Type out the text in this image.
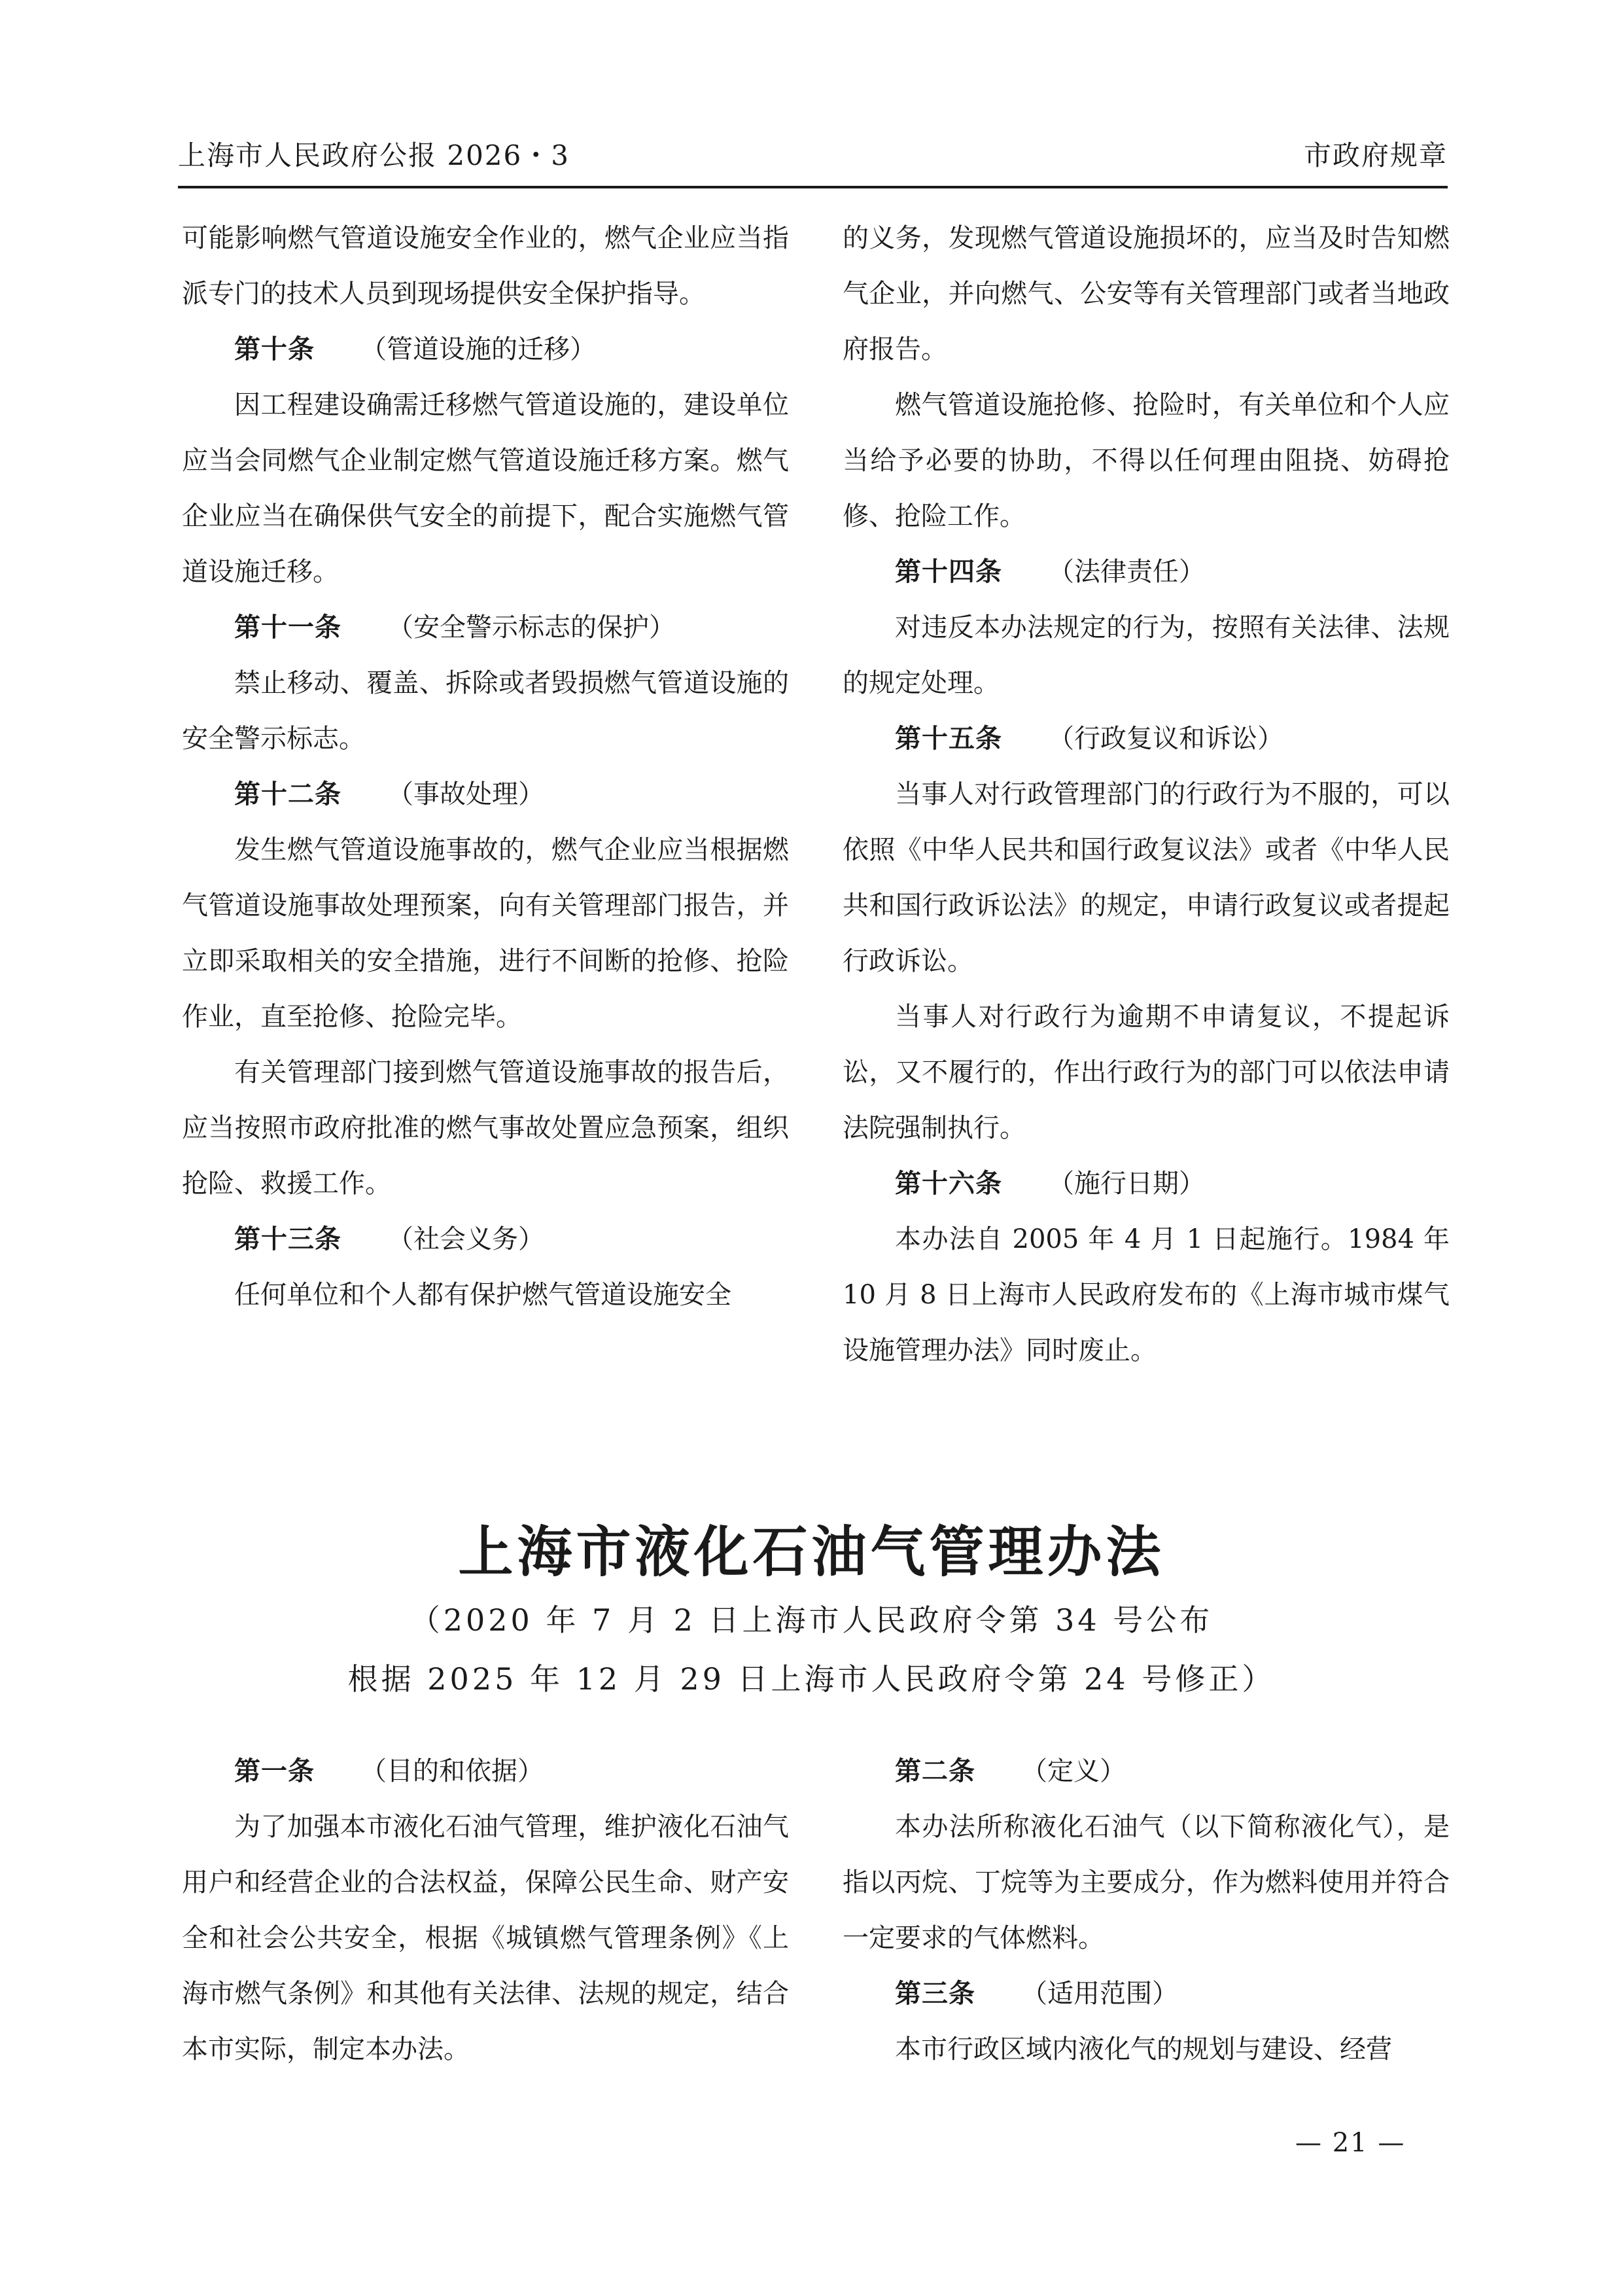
上海市人民政府公报 2026・3	市政府规章

可能影响燃气管道设施安全作业的，燃气企业应当指派专门的技术人员到现场提供安全保护指导。

第十条 （管道设施的迁移）

因工程建设确需迁移燃气管道设施的，建设单位应当会同燃气企业制定燃气管道设施迁移方案。燃气企业应当在确保供气安全的前提下，配合实施燃气管道设施迁移。

第十一条 （安全警示标志的保护）

禁止移动、覆盖、拆除或者毁损燃气管道设施的安全警示标志。

第十二条 （事故处理）

发生燃气管道设施事故的，燃气企业应当根据燃气管道设施事故处理预案，向有关管理部门报告，并立即采取相关的安全措施，进行不间断的抢修、抢险作业，直至抢修、抢险完毕。

有关管理部门接到燃气管道设施事故的报告后，应当按照市政府批准的燃气事故处置应急预案，组织抢险、救援工作。

第十三条 （社会义务）

任何单位和个人都有保护燃气管道设施安全

的义务，发现燃气管道设施损坏的，应当及时告知燃气企业，并向燃气、公安等有关管理部门或者当地政府报告。

燃气管道设施抢修、抢险时，有关单位和个人应当给予必要的协助，不得以任何理由阻挠、妨碍抢修、抢险工作。

第十四条 （法律责任）

对违反本办法规定的行为，按照有关法律、法规的规定处理。

第十五条 （行政复议和诉讼）

当事人对行政管理部门的行政行为不服的，可以依照《中华人民共和国行政复议法》或者《中华人民共和国行政诉讼法》的规定，申请行政复议或者提起行政诉讼。

当事人对行政行为逾期不申请复议，不提起诉讼，又不履行的，作出行政行为的部门可以依法申请法院强制执行。

第十六条 （施行日期）

本办法自 2005 年 4 月 1 日起施行。1984 年 10 月 8 日上海市人民政府发布的《上海市城市煤气设施管理办法》同时废止。

上海市液化石油气管理办法
（2020 年 7 月 2 日上海市人民政府令第 34 号公布
根据 2025 年 12 月 29 日上海市人民政府令第 24 号修正）

第一条 （目的和依据）

为了加强本市液化石油气管理，维护液化石油气用户和经营企业的合法权益，保障公民生命、财产安全和社会公共安全，根据《城镇燃气管理条例》《上海市燃气条例》和其他有关法律、法规的规定，结合本市实际，制定本办法。

第二条 （定义）

本办法所称液化石油气（以下简称液化气），是指以丙烷、丁烷等为主要成分，作为燃料使用并符合一定要求的气体燃料。

第三条 （适用范围）

本市行政区域内液化气的规划与建设、经营

— 21 —
